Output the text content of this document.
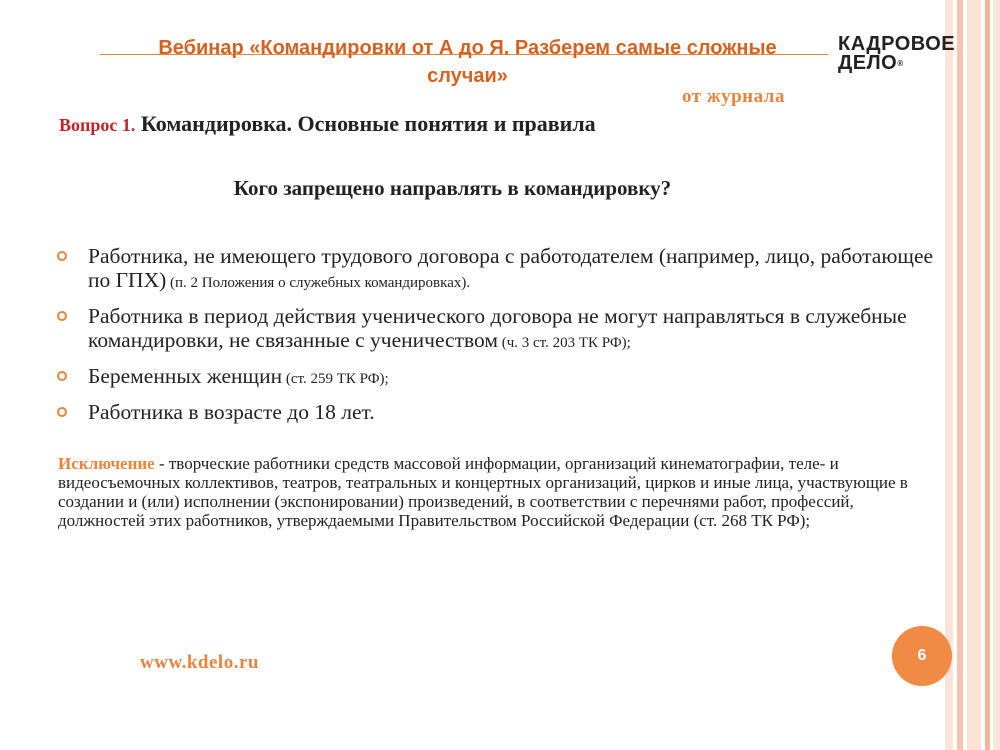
Вебинар «Командировки от А до Я. Разберем самые сложные
случаи»
КАДРОВОЕ
ДЕЛО®
от журнала
Вопрос 1. Командировка. Основные понятия и правила
Кого запрещено направлять в командировку?
Работника, не имеющего трудового договора с работодателем (например, лицо, работающее по ГПХ) (п. 2 Положения о служебных командировках).
Работника в период действия ученического договора не могут направляться в служебные командировки, не связанные с ученичеством (ч. 3 ст. 203 ТК РФ);
Беременных женщин (ст. 259 ТК РФ);
Работника в возрасте до 18 лет.
Исключение - творческие работники средств массовой информации, организаций кинематографии, теле- и видеосъемочных коллективов, театров, театральных и концертных организаций, цирков и иные лица, участвующие в создании и (или) исполнении (экспонировании) произведений, в соответствии с перечнями работ, профессий, должностей этих работников, утверждаемыми Правительством Российской Федерации (ст. 268 ТК РФ);
www.kdelo.ru	6
